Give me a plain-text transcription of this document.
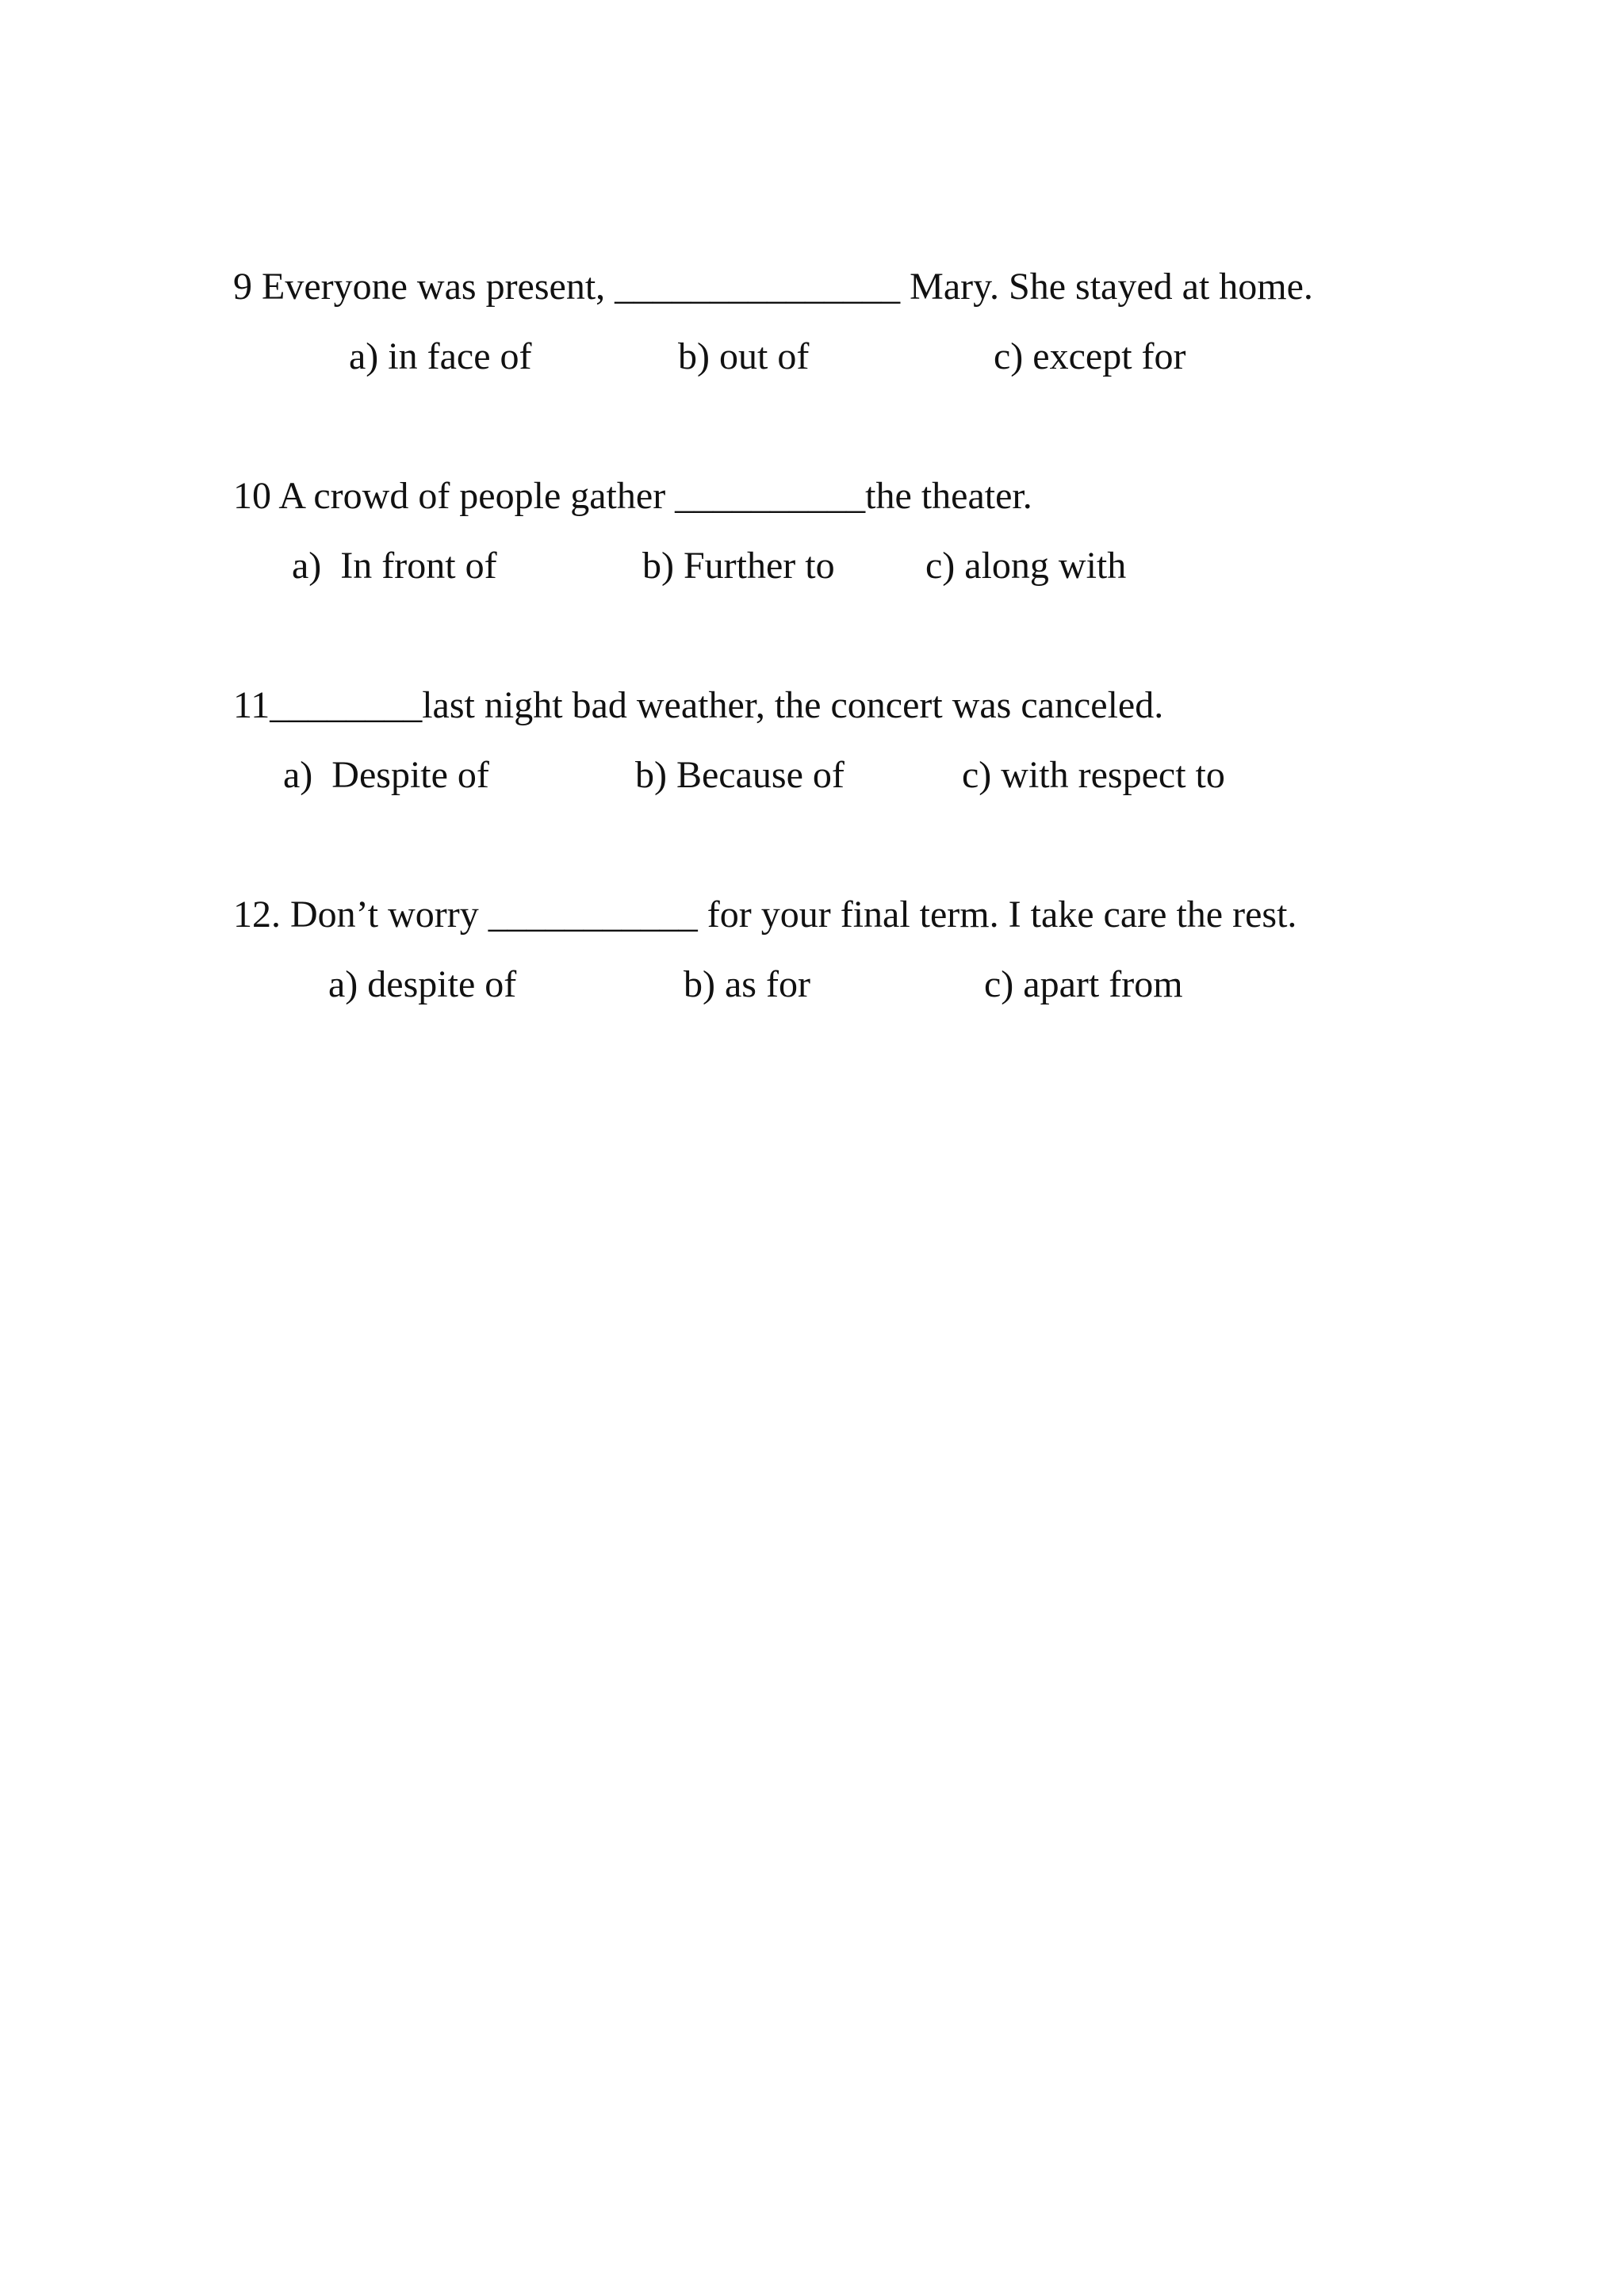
9 Everyone was present, _______________ Mary. She stayed at home.
a) in face of	b) out of	c) except for
10 A crowd of people gather __________the theater.
a)  In front of	b) Further to c) along with
11________last night bad weather, the concert was canceled.
a)  Despite of	b) Because of	c) with respect to
12. Don’t worry ___________ for your final term. I take care the rest.
a) despite of	b) as for	c) apart from
